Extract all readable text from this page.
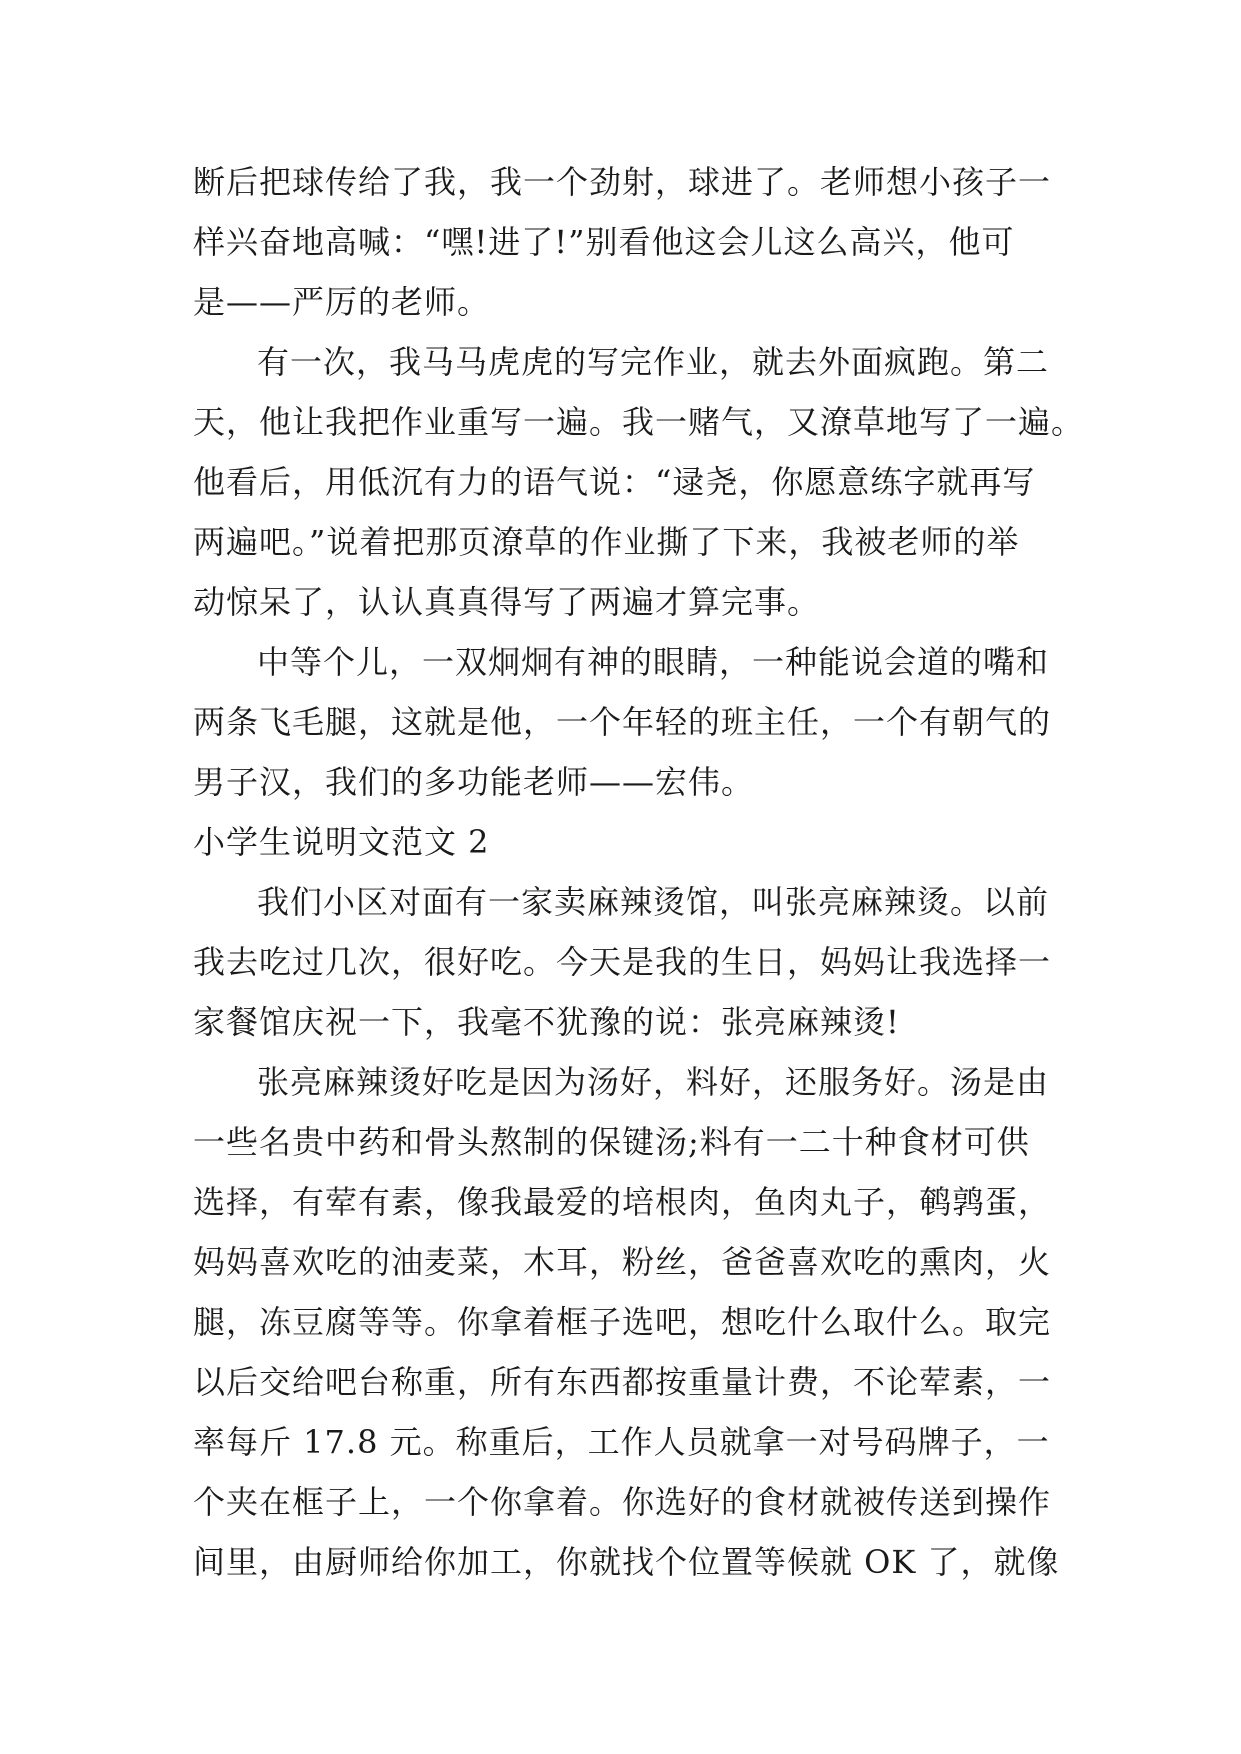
断后把球传给了我，我一个劲射，球进了。老师想小孩子一
样兴奋地高喊：“嘿!进了!”别看他这会儿这么高兴，他可
是——严厉的老师。
有一次，我马马虎虎的写完作业，就去外面疯跑。第二
天，他让我把作业重写一遍。我一赌气，又潦草地写了一遍。
他看后，用低沉有力的语气说：“逯尧，你愿意练字就再写
两遍吧。”说着把那页潦草的作业撕了下来，我被老师的举
动惊呆了，认认真真得写了两遍才算完事。
中等个儿，一双炯炯有神的眼睛，一种能说会道的嘴和
两条飞毛腿，这就是他，一个年轻的班主任，一个有朝气的
男子汉，我们的多功能老师——宏伟。
小学生说明文范文 2
我们小区对面有一家卖麻辣烫馆，叫张亮麻辣烫。以前
我去吃过几次，很好吃。今天是我的生日，妈妈让我选择一
家餐馆庆祝一下，我毫不犹豫的说：张亮麻辣烫!
张亮麻辣烫好吃是因为汤好，料好，还服务好。汤是由
一些名贵中药和骨头熬制的保键汤;料有一二十种食材可供
选择，有荤有素，像我最爱的培根肉，鱼肉丸子，鹌鹑蛋，
妈妈喜欢吃的油麦菜，木耳，粉丝，爸爸喜欢吃的熏肉，火
腿，冻豆腐等等。你拿着框子选吧，想吃什么取什么。取完
以后交给吧台称重，所有东西都按重量计费，不论荤素，一
率每斤 17.8 元。称重后，工作人员就拿一对号码牌子，一
个夹在框子上，一个你拿着。你选好的食材就被传送到操作
间里，由厨师给你加工，你就找个位置等候就 OK 了，就像
